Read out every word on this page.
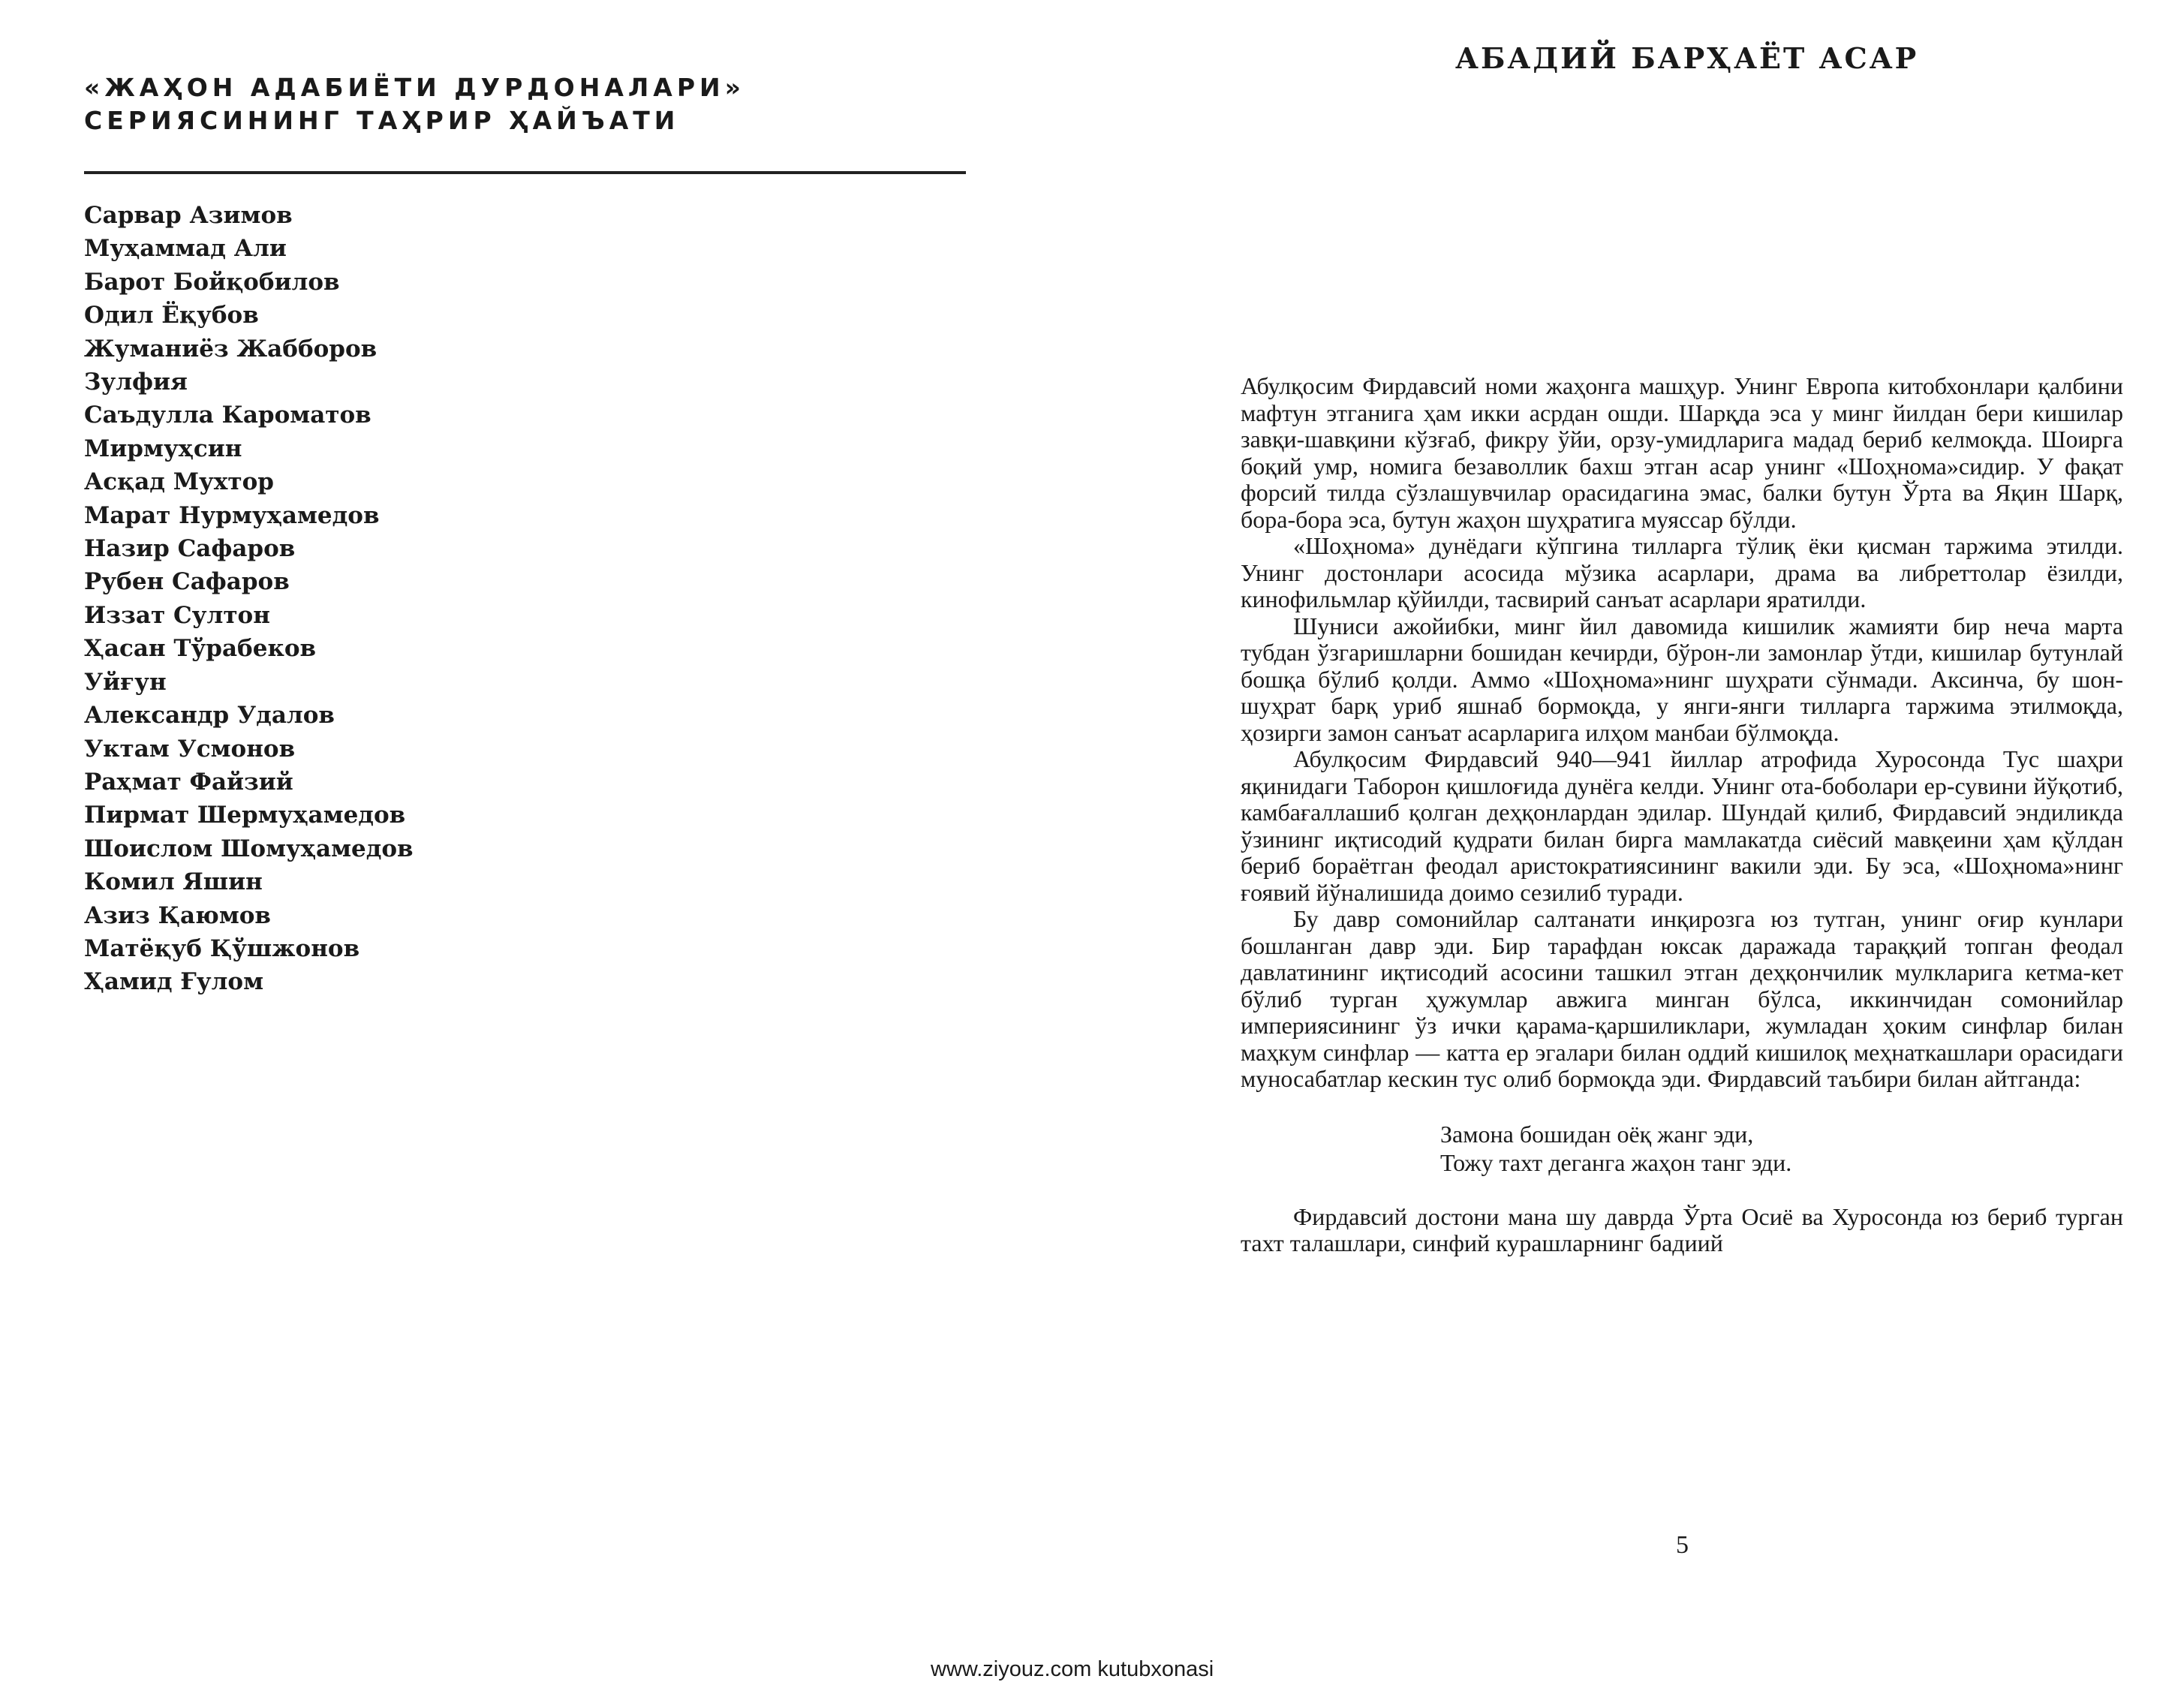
«ЖАҲОН АДАБИЁТИ ДУРДОНАЛАРИ»
СЕРИЯСИНИНГ ТАҲРИР ҲАЙЪАТИ
Сарвар Азимов
Муҳаммад Али
Барот Бойқобилов
Одил Ёқубов
Жуманиёз Жабборов
Зулфия
Саъдулла Кароматов
Мирмуҳсин
Асқад Мухтор
Марат Нурмуҳамедов
Назир Сафаров
Рубен Сафаров
Иззат Султон
Ҳасан Тўрабеков
Уйғун
Александр Удалов
Уктам Усмонов
Раҳмат Файзий
Пирмат Шермуҳамедов
Шоислом Шомуҳамедов
Комил Яшин
Азиз Қаюмов
Матёқуб Қўшжонов
Ҳамид Ғулом
АБАДИЙ БАРҲАЁТ АСАР

Абулқосим Фирдавсий номи жаҳонга машҳур. Унинг Европа китобхонлари қалбини мафтун этганига ҳам икки асрдан ошди. Шарқда эса у минг йилдан бери кишилар завқи-шавқини кўзғаб, фикру ўйи, орзу-умидларига мадад бериб келмоқда. Шоирга боқий умр, номига безаволлик бахш этган асар унинг «Шоҳнома»сидир. У фақат форсий тилда сўзлашувчилар орасидагина эмас, балки бутун Ўрта ва Яқин Шарқ, бора-бора эса, бутун жаҳон шуҳратига муяссар бўлди.

«Шоҳнома» дунёдаги кўпгина тилларга тўлиқ ёки қисман таржима этилди. Унинг достонлари асосида мўзика асарлари, драма ва либреттолар ёзилди, кинофильмлар қўйилди, тасвирий санъат асарлари яратилди.

Шуниси ажойибки, минг йил давомида кишилик жамияти бир неча марта тубдан ўзгаришларни бошидан кечирди, бўрон-ли замонлар ўтди, кишилар бутунлай бошқа бўлиб қолди. Аммо «Шоҳнома»нинг шуҳрати сўнмади. Аксинча, бу шон-шуҳрат барқ уриб яшнаб бормоқда, у янги-янги тилларга таржима этилмоқда, ҳозирги замон санъат асарларига илҳом манбаи бўлмоқда.

Абулқосим Фирдавсий 940—941 йиллар атрофида Хуросонда Тус шаҳри яқинидаги Таборон қишлоғида дунёга келди. Унинг ота-боболари ер-сувини йўқотиб, камбағаллашиб қолган деҳқонлардан эдилар. Шундай қилиб, Фирдавсий эндиликда ўзининг иқтисодий қудрати билан бирга мамлакатда сиёсий мавқеини ҳам қўлдан бериб бораётган феодал аристократиясининг вакили эди. Бу эса, «Шоҳнома»нинг ғоявий йўналишида доимо сезилиб туради.

Бу давр сомонийлар салтанати инқирозга юз тутган, унинг оғир кунлари бошланган давр эди. Бир тарафдан юксак даражада тараққий топган феодал давлатининг иқтисодий асосини ташкил этган деҳқончилик мулкларига кетма-кет бўлиб турган ҳужумлар авжига минган бўлса, иккинчидан сомонийлар империясининг ўз ички қарама-қаршиликлари, жумладан ҳоким синфлар билан маҳкум синфлар — катта ер эгалари билан оддий кишилоқ меҳнаткашлари орасидаги муносабатлар кескин тус олиб бормоқда эди. Фирдавсий таъбири билан айтганда:

Замона бошидан оёқ жанг эди,
Тожу тахт деганга жаҳон танг эди.

Фирдавсий достони мана шу даврда Ўрта Осиё ва Хуросонда юз бериб турган тахт талашлари, синфий курашларнинг бадиий

5
www.ziyouz.com kutubxonasi
